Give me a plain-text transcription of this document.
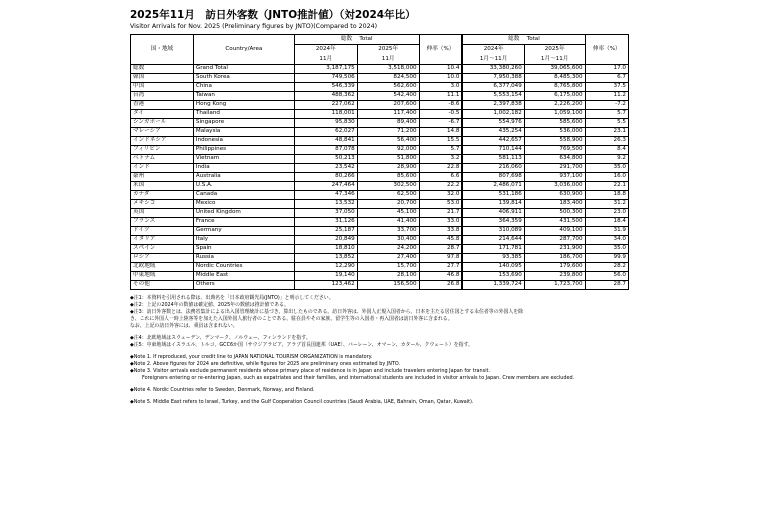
2025年11月　訪日外客数（JNTO推計値）（対2024年比）
Visitor Arrivals for Nov. 2025 (Preliminary figures by JNTO)(Compared to 2024)
国・地域	Country/Area	総数　 Total		伸率（%）	総数　 Total		伸率（%）
		2024年	2025年		2024年	2025年	
		11月	11月		1月～11月	1月～11月	
総数	Grand Total	3,187,175	3,518,000	10.4	33,380,260	39,065,600	17.0
韓国	South Korea	749,506	824,500	10.0	7,950,388	8,485,300	6.7
中国	China	546,339	562,600	3.0	6,377,049	8,765,800	37.5
台湾	Taiwan	488,362	542,400	11.1	5,553,154	6,175,000	11.2
香港	Hong Kong	227,062	207,600	-8.6	2,397,838	2,226,200	-7.2
タイ	Thailand	118,001	117,400	-0.5	1,002,182	1,059,100	5.7
シンガポール	Singapore	95,830	89,400	-6.7	554,976	585,600	5.5
マレーシア	Malaysia	62,027	71,200	14.8	435,254	536,000	23.1
インドネシア	Indonesia	48,841	56,400	15.5	442,657	558,900	26.3
フィリピン	Philippines	87,078	92,000	5.7	710,144	769,500	8.4
ベトナム	Vietnam	50,213	51,800	3.2	581,113	634,800	9.2
インド	India	23,542	28,900	22.8	216,060	291,700	35.0
豪州	Australia	80,266	85,600	6.6	807,698	937,100	16.0
米国	U.S.A.	247,464	302,500	22.2	2,486,071	3,036,000	22.1
カナダ	Canada	47,346	62,500	32.0	531,186	630,900	18.8
メキシコ	Mexico	13,532	20,700	53.0	139,814	183,400	31.2
英国	United Kingdom	37,050	45,100	21.7	406,911	500,300	23.0
フランス	France	31,126	41,400	33.0	364,359	431,500	18.4
ドイツ	Germany	25,187	33,700	33.8	310,089	409,100	31.9
イタリア	Italy	20,849	30,400	45.8	214,644	287,700	34.0
スペイン	Spain	18,810	24,200	28.7	171,781	231,900	35.0
ロシア	Russia	13,852	27,400	97.8	93,385	186,700	99.9
北欧地域	Nordic Countries	12,290	15,700	27.7	140,095	179,600	28.2
中東地域	Middle East	19,140	28,100	46.8	153,690	239,800	56.0
その他	Others	123,462	156,500	26.8	1,339,724	1,723,700	28.7
◆注1：本資料を引用される際は、出典名を「日本政府観光局(JNTO)」と明示してください。
◆注2：上記の2024年の数値は確定値、2025年の数値は推計値である。
◆注3：訪日外客数とは、法務省集計による出入国管理統計に基づき、算出したものである。訪日外客は、外国人正規入国者から、日本を主たる居住国とする永住者等の外国人を除
き、これに外国人一時上陸客等を加えた入国外国人旅行者のことである。駐在員やその家族、留学生等の入国者・再入国者は訪日外客に含まれる。
なお、上記の訪日外客には、乗員は含まれない。
◆注4：北欧地域はスウェーデン、デンマーク、ノルウェー、フィンランドを指す。
◆注5：中東地域はイスラエル、トルコ、GCC6か国（サウジアラビア、アラブ首長国連邦（UAE）、バーレーン、オマーン、カタール、クウェート）を指す。
◆Note 1. If reproduced, your credit line to JAPAN NATIONAL TOURISM ORGANIZATION is mandatory.
◆Note 2. Above figures for 2024 are definitive, while figures for 2025 are preliminary ones estimated by JNTO.
◆Note 3. Visitor arrivals exclude permanent residents whose primary place of residence is in Japan and include travelers entering Japan for transit.
Foreigners entering or re-entering Japan, such as expatriates and their families, and international students are included in visitor arrivals to Japan. Crew members are excluded.
◆Note 4. Nordic Countries refer to Sweden, Denmark, Norway, and Finland.
◆Note 5. Middle East refers to Israel, Turkey, and the Gulf Cooperation Council countries (Saudi Arabia, UAE, Bahrain, Oman, Qatar, Kuwait).
